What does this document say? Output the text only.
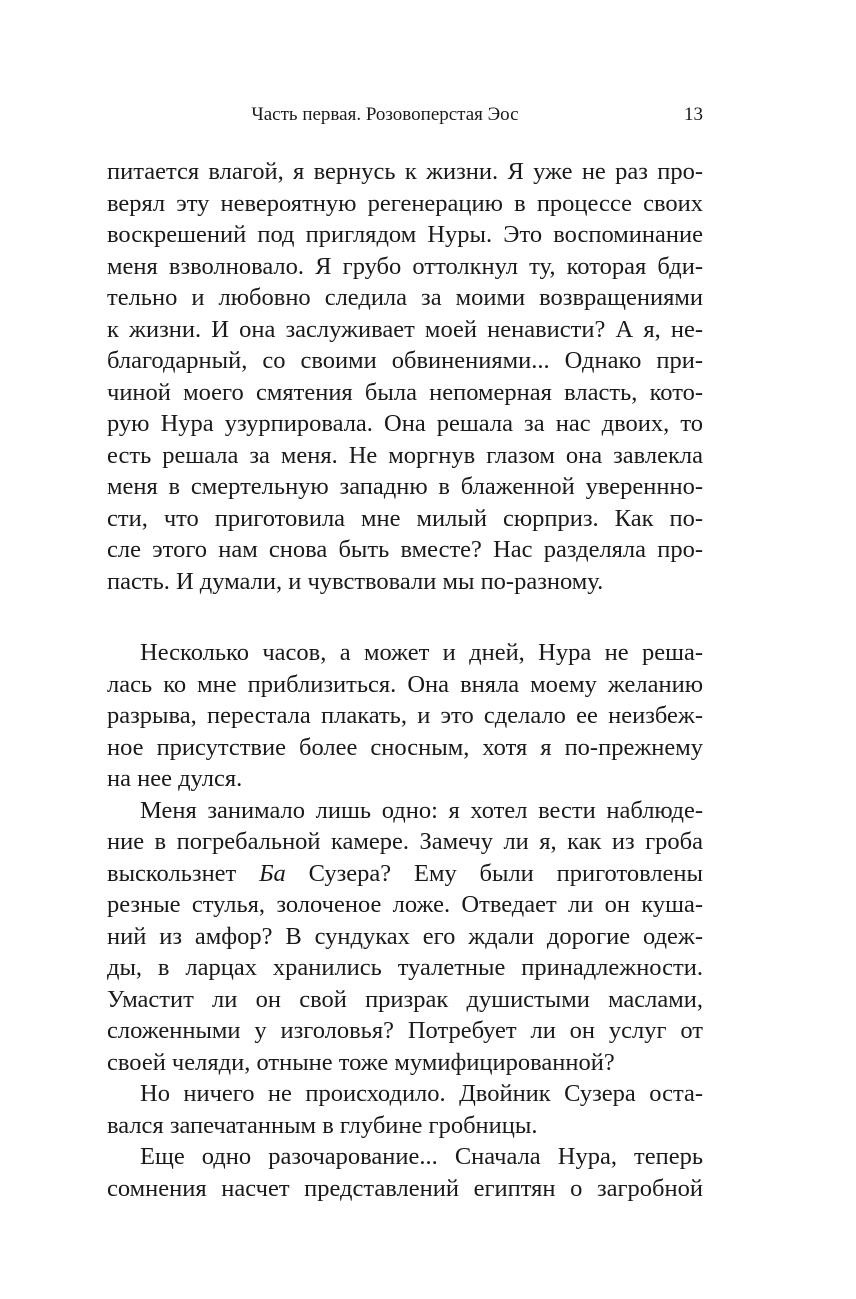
Часть первая. Розовоперстая Эос	13
питается влагой, я вернусь к жизни. Я уже не раз про-
верял эту невероятную регенерацию в процессе своих
воскрешений под приглядом Нуры. Это воспоминание
меня взволновало. Я грубо оттолкнул ту, которая бди-
тельно и любовно следила за моими возвращениями
к жизни. И она заслуживает моей ненависти? А я, не-
благодарный, со своими обвинениями... Однако при-
чиной моего смятения была непомерная власть, кото-
рую Нура узурпировала. Она решала за нас двоих, то
есть решала за меня. Не моргнув глазом она завлекла
меня в смертельную западню в блаженной увереннно-
сти, что приготовила мне милый сюрприз. Как по-
сле этого нам снова быть вместе? Нас разделяла про-
пасть. И думали, и чувствовали мы по-разному.
Несколько часов, а может и дней, Нура не реша-
лась ко мне приблизиться. Она вняла моему желанию
разрыва, перестала плакать, и это сделало ее неизбеж-
ное присутствие более сносным, хотя я по-прежнему
на нее дулся.
Меня занимало лишь одно: я хотел вести наблюде-
ние в погребальной камере. Замечу ли я, как из гроба
выскользнет Ба Сузера? Ему были приготовлены
резные стулья, золоченое ложе. Отведает ли он куша-
ний из амфор? В сундуках его ждали дорогие одеж-
ды, в ларцах хранились туалетные принадлежности.
Умастит ли он свой призрак душистыми маслами,
сложенными у изголовья? Потребует ли он услуг от
своей челяди, отныне тоже мумифицированной?
Но ничего не происходило. Двойник Сузера оста-
вался запечатанным в глубине гробницы.
Еще одно разочарование... Сначала Нура, теперь
сомнения насчет представлений египтян о загробной
